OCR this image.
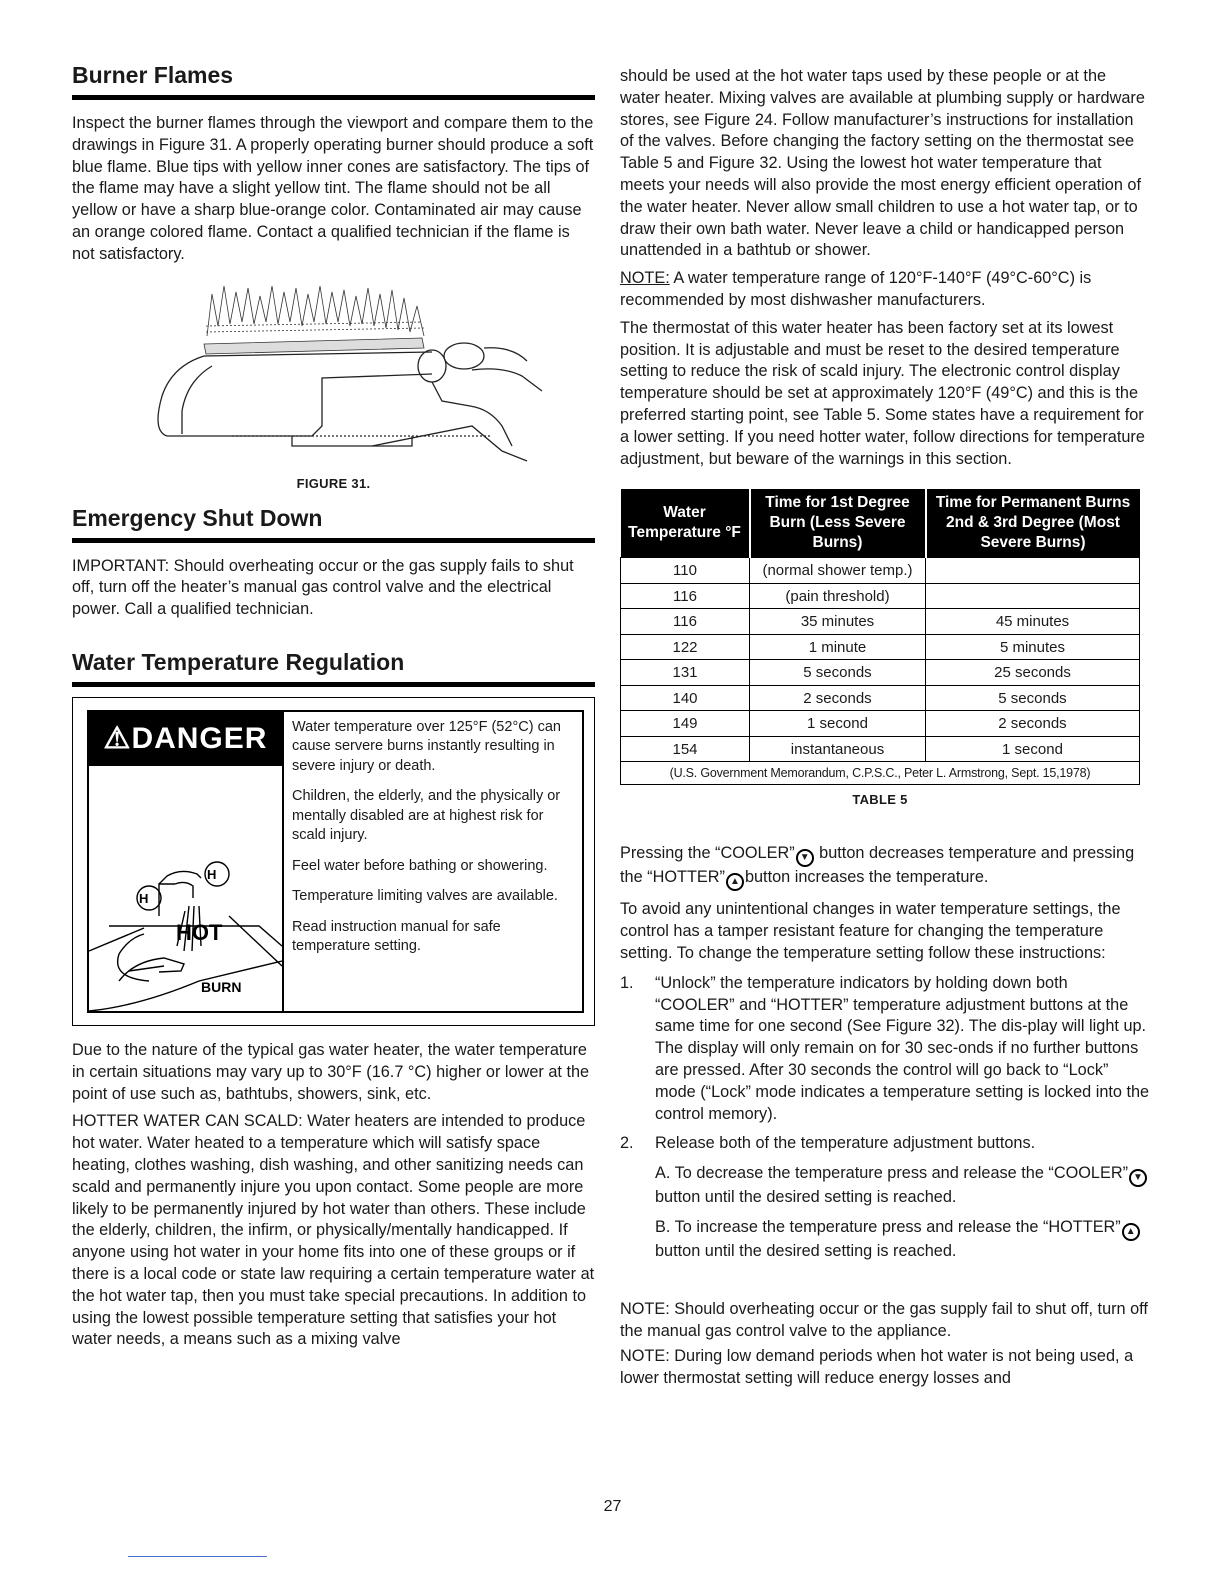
Burner Flames

Inspect the burner flames through the viewport and compare them to the drawings in Figure 31. A properly operating burner should produce a soft blue flame. Blue tips with yellow inner cones are satisfactory. The tips of the flame may have a slight yellow tint. The flame should not be all yellow or have a sharp blue-orange color. Contaminated air may cause an orange colored flame. Contact a qualified technician if the flame is not satisfactory.

FIGURE 31.
Emergency Shut Down

IMPORTANT: Should overheating occur or the gas supply fails to shut off, turn off the heater’s manual gas control valve and the electrical power. Call a qualified technician.

Water Temperature Regulation
⚠DANGER
H
H
HOT
BURN

Water temperature over 125°F (52°C) can cause servere burns instantly resulting in severe injury or death.

Children, the elderly, and the physically or mentally disabled are at highest risk for scald injury.

Feel water before bathing or showering.

Temperature limiting valves are available.

Read instruction manual for safe temperature setting.

Due to the nature of the typical gas water heater, the water temperature in certain situations may vary up to 30°F (16.7 °C) higher or lower at the point of use such as, bathtubs, showers, sink, etc.

HOTTER WATER CAN SCALD: Water heaters are intended to produce hot water. Water heated to a temperature which will satisfy space heating, clothes washing, dish washing, and other sanitizing needs can scald and permanently injure you upon contact. Some people are more likely to be permanently injured by hot water than others. These include the elderly, children, the infirm, or physically/mentally handicapped. If anyone using hot water in your home fits into one of these groups or if there is a local code or state law requiring a certain temperature water at the hot water tap, then you must take special precautions. In addition to using the lowest possible temperature setting that satisfies your hot water needs, a means such as a mixing valve

should be used at the hot water taps used by these people or at the water heater. Mixing valves are available at plumbing supply or hardware stores, see Figure 24. Follow manufacturer’s instructions for installation of the valves. Before changing the factory setting on the thermostat see Table 5 and Figure 32. Using the lowest hot water temperature that meets your needs will also provide the most energy efficient operation of the water heater. Never allow small children to use a hot water tap, or to draw their own bath water. Never leave a child or handicapped person unattended in a bathtub or shower.

NOTE: A water temperature range of 120°F-140°F (49°C-60°C) is recommended by most dishwasher manufacturers.

The thermostat of this water heater has been factory set at its lowest position. It is adjustable and must be reset to the desired temperature setting to reduce the risk of scald injury. The electronic control display temperature should be set at approximately 120°F (49°C) and this is the preferred starting point, see Table 5. Some states have a requirement for a lower setting. If you need hotter water, follow directions for temperature adjustment, but beware of the warnings in this section.

Water Temperature °F	Time for 1st Degree Burn (Less Severe Burns)	Time for Permanent Burns 2nd & 3rd Degree (Most Severe Burns)
110	(normal shower temp.)	
116	(pain threshold)	
116	35 minutes	45 minutes
122	1 minute	5 minutes
131	5 seconds	25 seconds
140	2 seconds	5 seconds
149	1 second	2 seconds
154	instantaneous	1 second
(U.S. Government Memorandum, C.P.S.C., Peter L. Armstrong, Sept. 15,1978)		
TABLE 5

Pressing the “COOLER” ▼ button decreases temperature and pressing the “HOTTER” ▲ button increases the temperature.

To avoid any unintentional changes in water temperature settings, the control has a tamper resistant feature for changing the temperature setting. To change the temperature setting follow these instructions:

1. “Unlock” the temperature indicators by holding down both “COOLER” and “HOTTER” temperature adjustment buttons at the same time for one second (See Figure 32). The dis-play will light up. The display will only remain on for 30 sec-onds if no further buttons are pressed. After 30 seconds the control will go back to “Lock” mode (“Lock” mode indicates a temperature setting is locked into the control memory).
2. Release both of the temperature adjustment buttons.
A. To decrease the temperature press and release the “COOLER” ▼button until the desired setting is reached.
B. To increase the temperature press and release the “HOTTER” ▲ button until the desired setting is reached.

NOTE: Should overheating occur or the gas supply fail to shut off, turn off the manual gas control valve to the appliance.

NOTE: During low demand periods when hot water is not being used, a lower thermostat setting will reduce energy losses and

27
